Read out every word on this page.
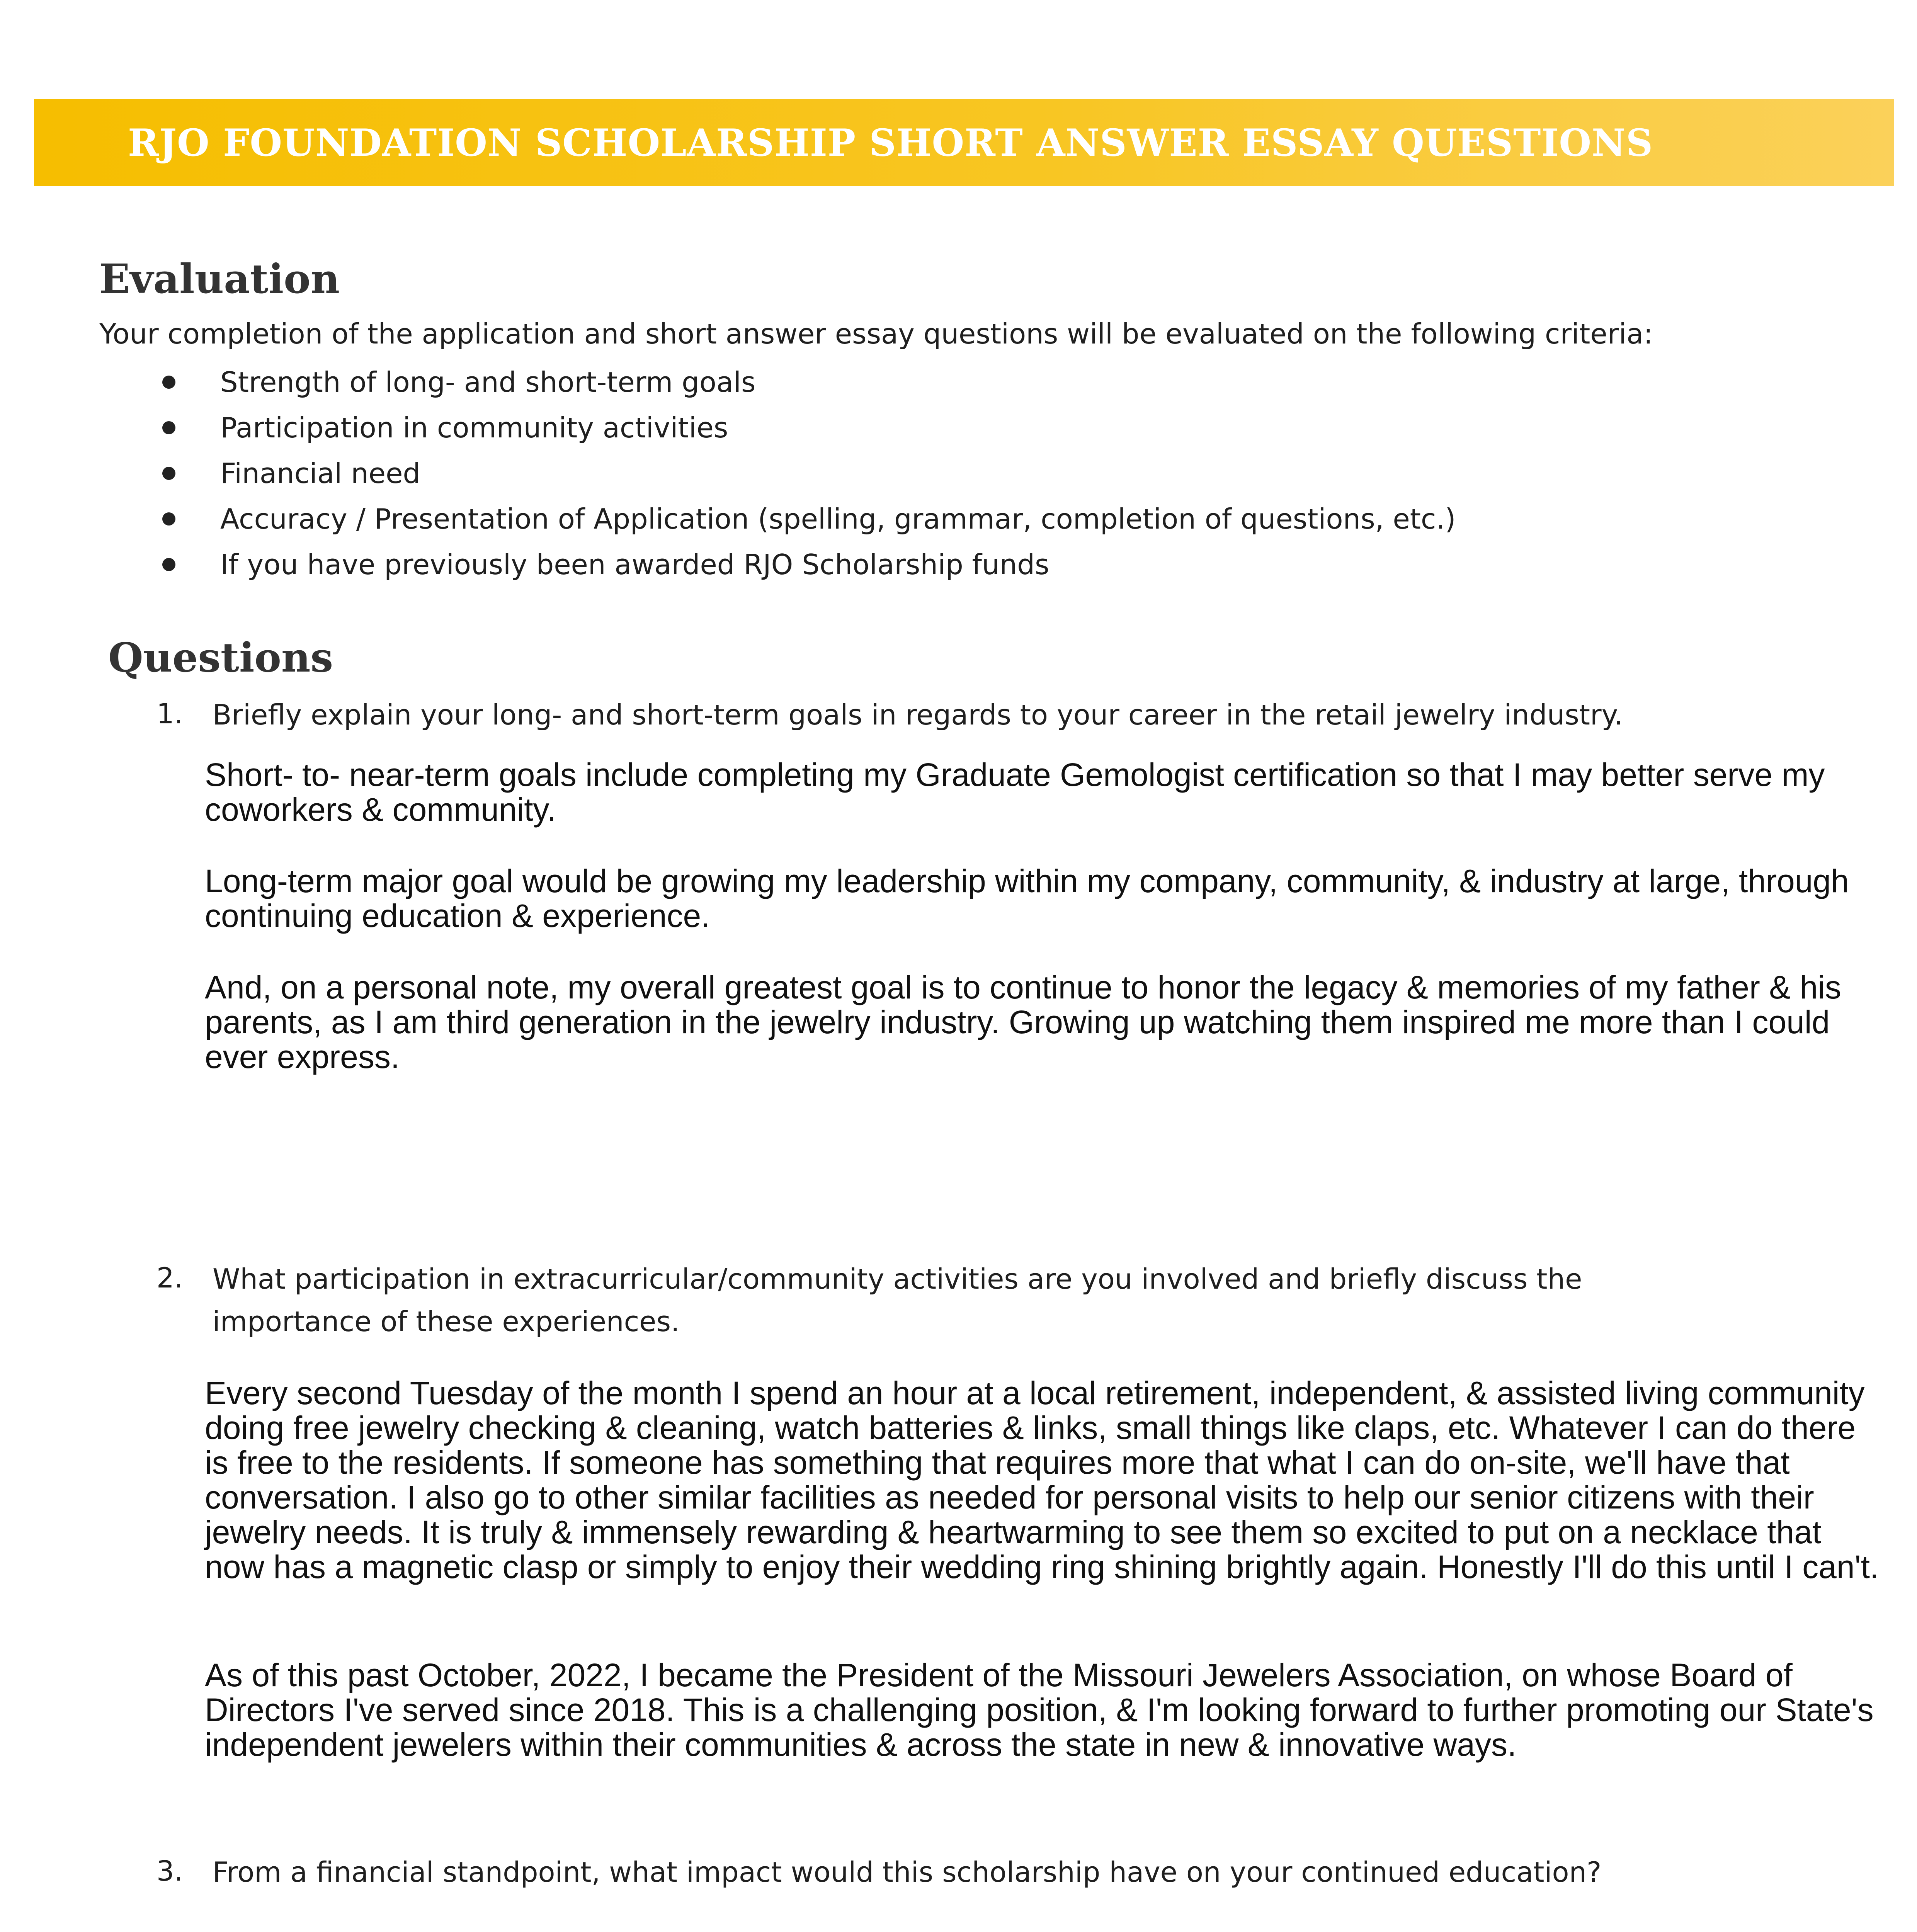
RJO FOUNDATION SCHOLARSHIP SHORT ANSWER ESSAY QUESTIONS
Evaluation
Your completion of the application and short answer essay questions will be evaluated on the following criteria:
Strength of long- and short-term goals
Participation in community activities
Financial need
Accuracy / Presentation of Application (spelling, grammar, completion of questions, etc.)
If you have previously been awarded RJO Scholarship funds
Questions
1. Briefly explain your long- and short-term goals in regards to your career in the retail jewelry industry.
Short- to- near-term goals include completing my Graduate Gemologist certification so that I may better serve my coworkers & community.
Long-term major goal would be growing my leadership within my company, community, & industry at large, through continuing education & experience.
And, on a personal note, my overall greatest goal is to continue to honor the legacy & memories of my father & his parents, as I am third generation in the jewelry industry. Growing up watching them inspired me more than I could ever express.
2. What participation in extracurricular/community activities are you involved and briefly discuss the
importance of these experiences.
Every second Tuesday of the month I spend an hour at a local retirement, independent, & assisted living community doing free jewelry checking & cleaning, watch batteries & links, small things like claps, etc. Whatever I can do there is free to the residents. If someone has something that requires more that what I can do on-site, we'll have that conversation. I also go to other similar facilities as needed for personal visits to help our senior citizens with their jewelry needs. It is truly & immensely rewarding & heartwarming to see them so excited to put on a necklace that now has a magnetic clasp or simply to enjoy their wedding ring shining brightly again. Honestly I'll do this until I can't.
As of this past October, 2022, I became the President of the Missouri Jewelers Association, on whose Board of Directors I've served since 2018. This is a challenging position, & I'm looking forward to further promoting our State's independent jewelers within their communities & across the state in new & innovative ways.
3. From a financial standpoint, what impact would this scholarship have on your continued education?
